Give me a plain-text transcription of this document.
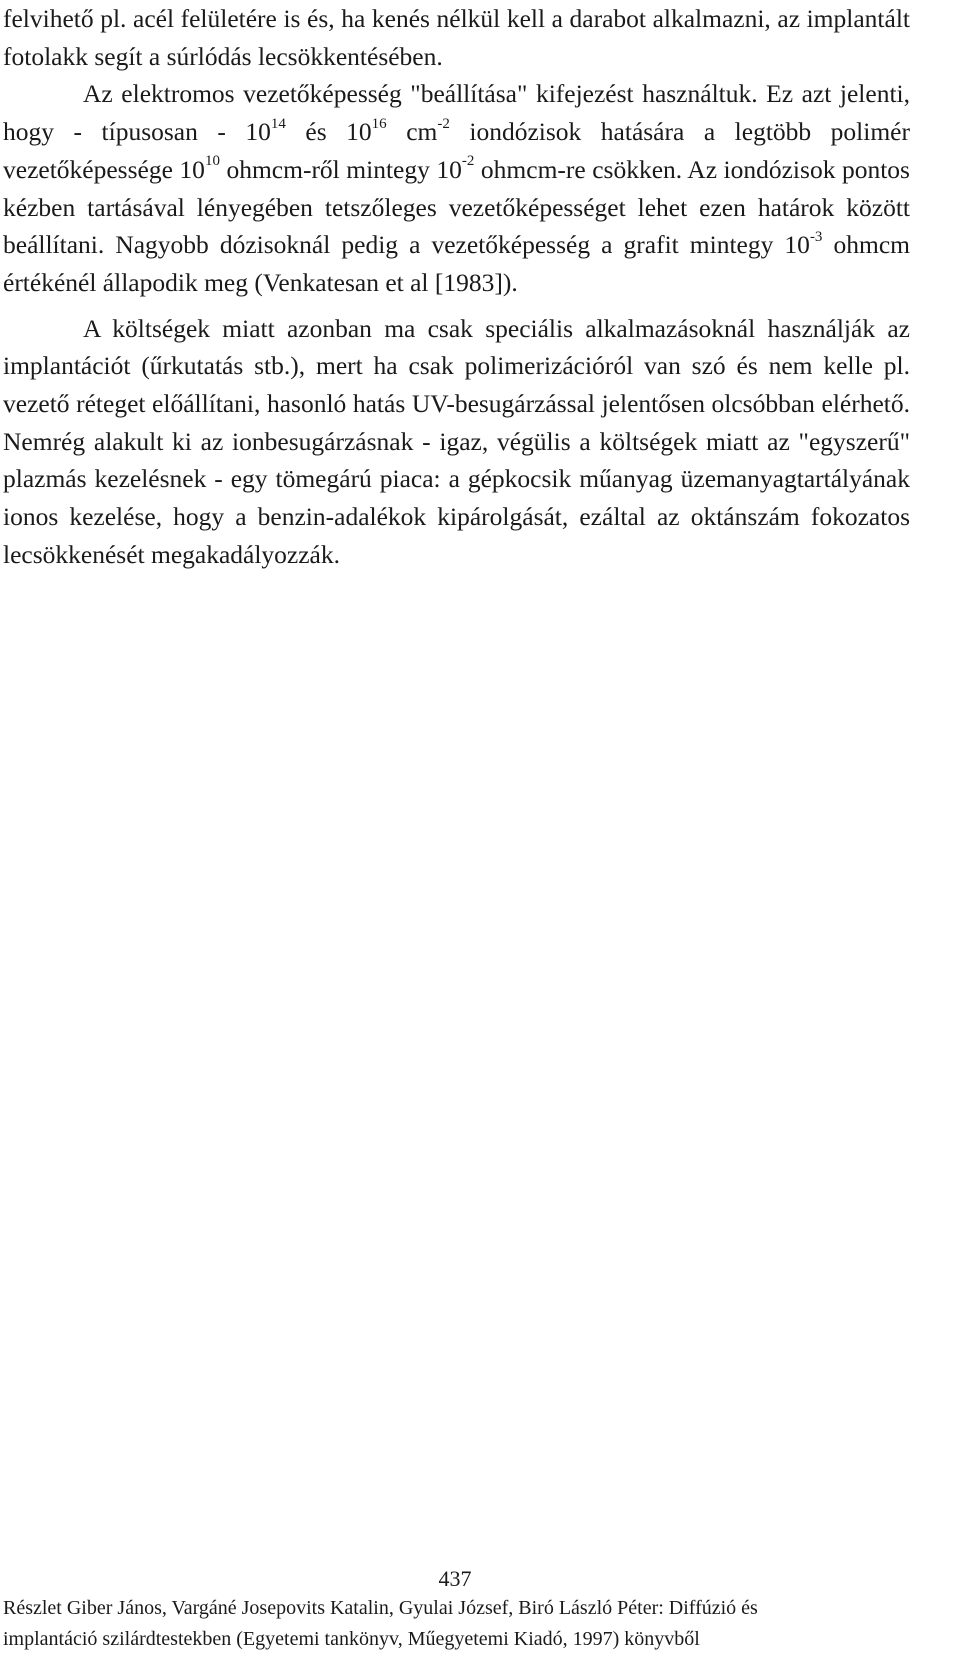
felvihető pl. acél felületére is és, ha kenés nélkül kell a darabot alkalmazni, az implantált fotolakk segít a súrlódás lecsökkentésében.

Az elektromos vezetőképesség "beállítása" kifejezést használtuk. Ez azt jelenti, hogy - típusosan - $10^{14}$ és $10^{16}$ $cm^{-2}$ iondózisok hatására a legtöbb polimér vezetőképessége $10^{10}$ ohmcm-ről mintegy $10^{-2}$ ohmcm-re csökken. Az iondózisok pontos kézben tartásával lényegében tetszőleges vezetőképességet lehet ezen határok között beállítani. Nagyobb dózisoknál pedig a vezetőképesség a grafit mintegy $10^{-3}$ ohmcm értékénél állapodik meg (Venkatesan et al [1983]).

A költségek miatt azonban ma csak speciális alkalmazásoknál használják az implantációt (űrkutatás stb.), mert ha csak polimerizációról van szó és nem kelle pl. vezető réteget előállítani, hasonló hatás UV-besugárzással jelentősen olcsóbban elérhető. Nemrég alakult ki az ionbesugárzásnak - igaz, végülis a költségek miatt az "egyszerű" plazmás kezelésnek - egy tömegárú piaca: a gépkocsik műanyag üzemanyagtartályának ionos kezelése, hogy a benzin-adalékok kipárolgását, ezáltal az oktánszám fokozatos lecsökkenését megakadályozzák.

437
Részlet Giber János, Vargáné Josepovits Katalin, Gyulai József, Biró László Péter: Diffúzió és
implantáció szilárdtestekben (Egyetemi tankönyv, Műegyetemi Kiadó, 1997) könyvből
